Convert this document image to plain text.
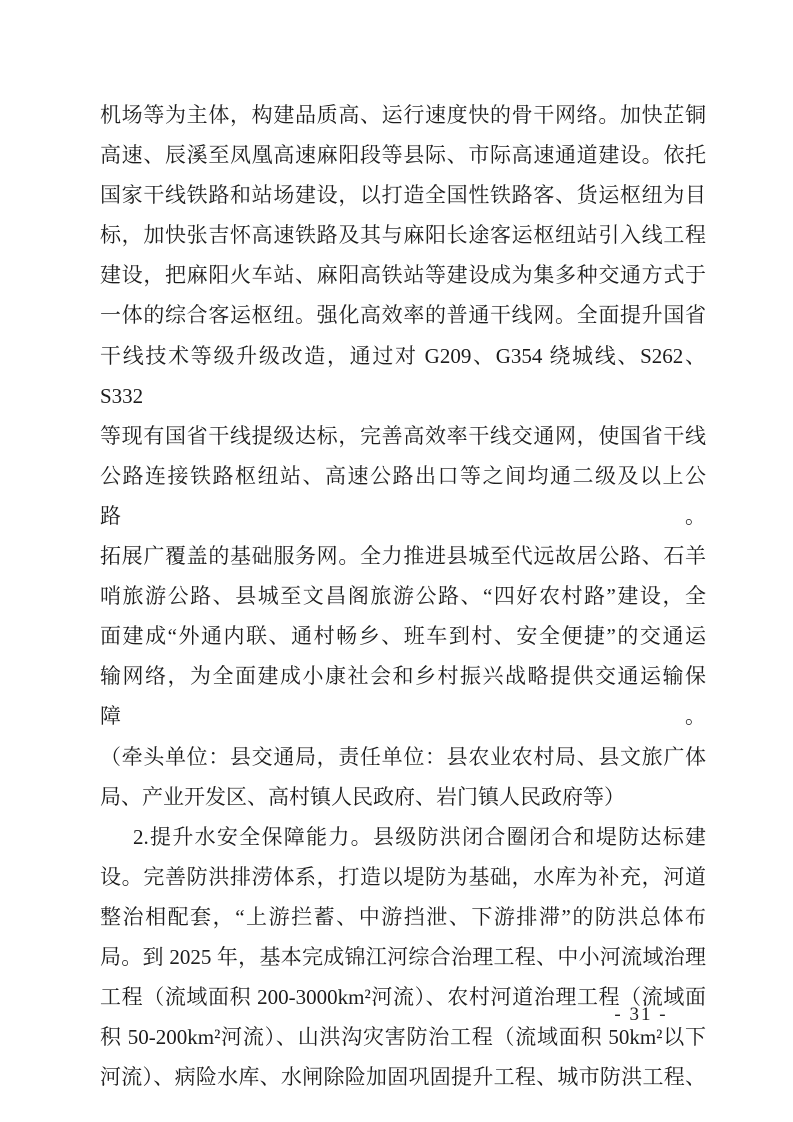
机场等为主体，构建品质高、运行速度快的骨干网络。加快芷铜
高速、辰溪至凤凰高速麻阳段等县际、市际高速通道建设。依托
国家干线铁路和站场建设，以打造全国性铁路客、货运枢纽为目
标，加快张吉怀高速铁路及其与麻阳长途客运枢纽站引入线工程
建设，把麻阳火车站、麻阳高铁站等建设成为集多种交通方式于
一体的综合客运枢纽。强化高效率的普通干线网。全面提升国省
干线技术等级升级改造，通过对 G209、G354 绕城线、S262、S332
等现有国省干线提级达标，完善高效率干线交通网，使国省干线
公路连接铁路枢纽站、高速公路出口等之间均通二级及以上公路。
拓展广覆盖的基础服务网。全力推进县城至代远故居公路、石羊
哨旅游公路、县城至文昌阁旅游公路、“四好农村路”建设，全
面建成“外通内联、通村畅乡、班车到村、安全便捷”的交通运
输网络，为全面建成小康社会和乡村振兴战略提供交通运输保障。
（牵头单位：县交通局，责任单位：县农业农村局、县文旅广体
局、产业开发区、高村镇人民政府、岩门镇人民政府等）
2.提升水安全保障能力。县级防洪闭合圈闭合和堤防达标建
设。完善防洪排涝体系，打造以堤防为基础，水库为补充，河道
整治相配套，“上游拦蓄、中游挡泄、下游排滞”的防洪总体布
局。到 2025 年，基本完成锦江河综合治理工程、中小河流域治理
工程（流域面积 200-3000km²河流）、农村河道治理工程（流域面
积 50-200km²河流）、山洪沟灾害防治工程（流域面积 50km²以下
河流）、病险水库、水闸除险加固巩固提升工程、城市防洪工程、
- 31 -
